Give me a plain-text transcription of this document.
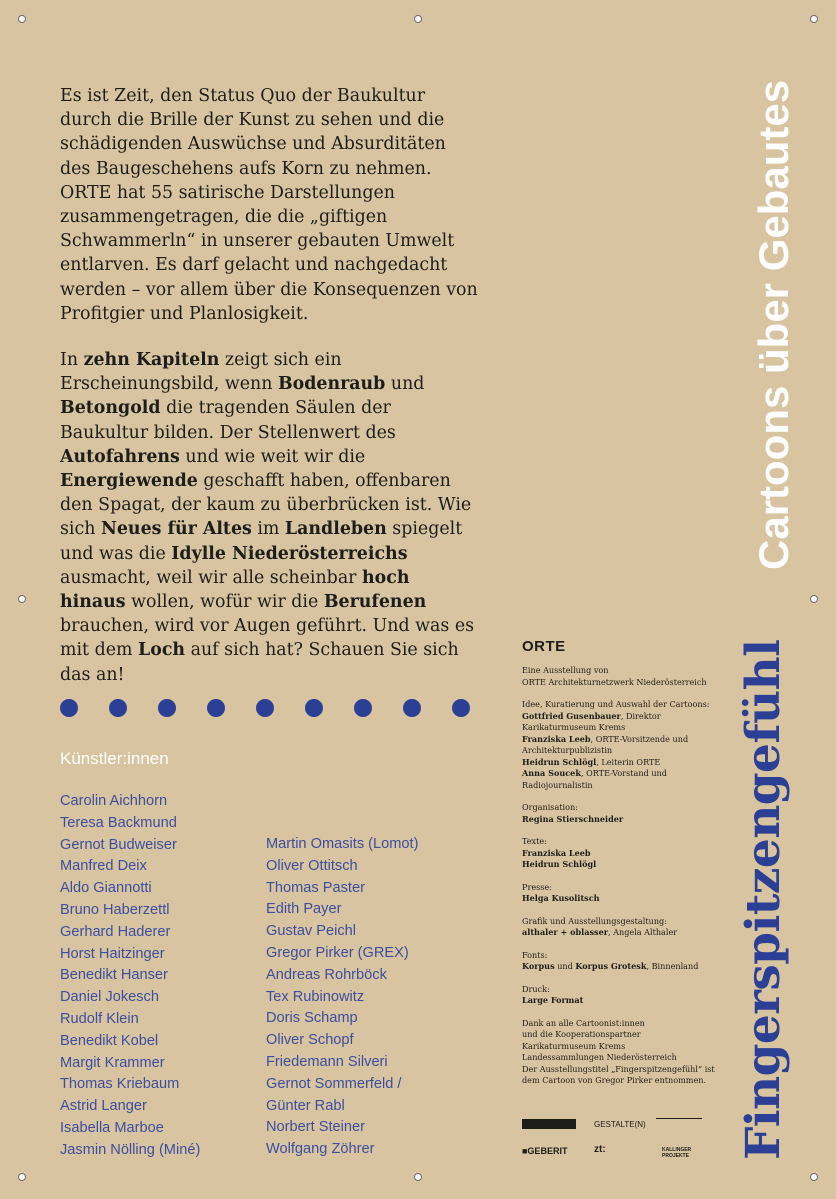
Es ist Zeit, den Status Quo der Baukultur durch die Brille der Kunst zu sehen und die schädigenden Auswüchse und Absurditäten des Baugeschehens aufs Korn zu nehmen. ORTE hat 55 satirische Darstellungen zusammengetragen, die die „giftigen Schwammerln“ in unserer gebauten Umwelt entlarven. Es darf gelacht und nachgedacht werden – vor allem über die Konsequenzen von Profitgier und Planlosigkeit.

In zehn Kapiteln zeigt sich ein Erscheinungsbild, wenn Bodenraub und Betongold die tragenden Säulen der Baukultur bilden. Der Stellenwert des Autofahrens und wie weit wir die Energiewende geschafft haben, offenbaren den Spagat, der kaum zu überbrücken ist. Wie sich Neues für Altes im Landleben spiegelt und was die Idylle Niederösterreichs ausmacht, weil wir alle scheinbar hoch hinaus wollen, wofür wir die Berufenen brauchen, wird vor Augen geführt. Und was es mit dem Loch auf sich hat? Schauen Sie sich das an!

Künstler:innen
Carolin Aichhorn
Teresa Backmund
Gernot Budweiser
Manfred Deix
Aldo Giannotti
Bruno Haberzettl
Gerhard Haderer
Horst Haitzinger
Benedikt Hanser
Daniel Jokesch
Rudolf Klein
Benedikt Kobel
Margit Krammer
Thomas Kriebaum
Astrid Langer
Isabella Marboe
Jasmin Nölling (Miné)
Martin Omasits (Lomot)
Oliver Ottitsch
Thomas Paster
Edith Payer
Gustav Peichl
Gregor Pirker (GREX)
Andreas Rohrböck
Tex Rubinowitz
Doris Schamp
Oliver Schopf
Friedemann Silveri
Gernot Sommerfeld /
Günter Rabl
Norbert Steiner
Wolfgang Zöhrer
ORTE

Eine Ausstellung von
ORTE Architekturnetzwerk Niederösterreich

Idee, Kuratierung und Auswahl der Cartoons:
Gottfried Gusenbauer, Direktor
Karikaturmuseum Krems
Franziska Leeb, ORTE-Vorsitzende und
Architekturpublizistin
Heidrun Schlögl, Leiterin ORTE
Anna Soucek, ORTE-Vorstand und
Radiojournalistin

Organisation:
Regina Stierschneider

Texte:
Franziska Leeb
Heidrun Schlögl

Presse:
Helga Kusolitsch

Grafik und Ausstellungsgestaltung:
althaler + oblasser, Angela Althaler

Fonts:
Korpus und Korpus Grotesk, Binnenland

Druck:
Large Format

Dank an alle Cartoonist:innen
und die Kooperationspartner
Karikaturmuseum Krems
Landessammlungen Niederösterreich
Der Ausstellungstitel „Fingerspitzengefühl“ ist
dem Cartoon von Gregor Pirker entnommen.

GESTALTE(N)
■GEBERIT	zt:	KALLINGER PROJEKTE
Cartoons über Gebautes
Fingerspitzengefühl
